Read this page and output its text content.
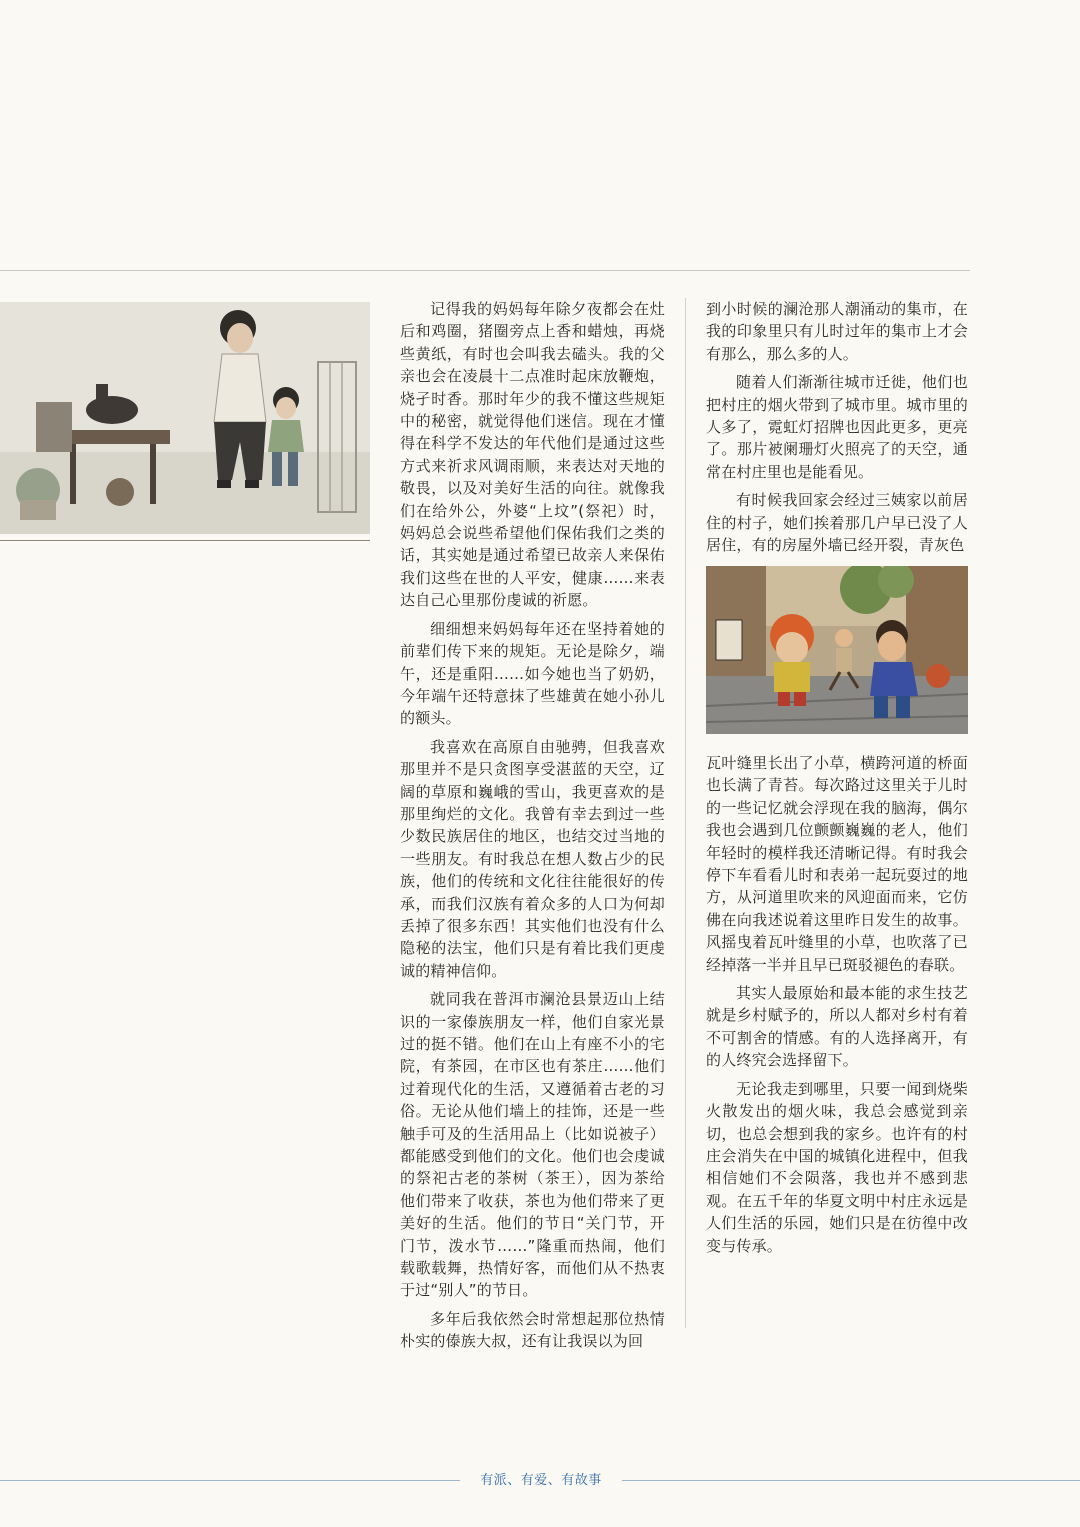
记得我的妈妈每年除夕夜都会在灶后和鸡圈，猪圈旁点上香和蜡烛，再烧些黄纸，有时也会叫我去磕头。我的父亲也会在凌晨十二点准时起床放鞭炮，烧孑时香。那时年少的我不懂这些规矩中的秘密，就觉得他们迷信。现在才懂得在科学不发达的年代他们是通过这些方式来祈求风调雨顺，来表达对天地的敬畏，以及对美好生活的向往。就像我们在给外公，外婆“上坟”(祭祀）时，妈妈总会说些希望他们保佑我们之类的话，其实她是通过希望已故亲人来保佑我们这些在世的人平安，健康……来表达自己心里那份虔诚的祈愿。

细细想来妈妈每年还在坚持着她的前辈们传下来的规矩。无论是除夕，端午，还是重阳……如今她也当了奶奶，今年端午还特意抹了些雄黄在她小孙儿的额头。

我喜欢在高原自由驰骋，但我喜欢那里并不是只贪图享受湛蓝的天空，辽阔的草原和巍峨的雪山，我更喜欢的是那里绚烂的文化。我曾有幸去到过一些少数民族居住的地区，也结交过当地的一些朋友。有时我总在想人数占少的民族，他们的传统和文化往往能很好的传承，而我们汉族有着众多的人口为何却丢掉了很多东西！其实他们也没有什么隐秘的法宝，他们只是有着比我们更虔诚的精神信仰。

就同我在普洱市澜沧县景迈山上结识的一家傣族朋友一样，他们自家光景过的挺不错。他们在山上有座不小的宅院，有茶园，在市区也有茶庄……他们过着现代化的生活，又遵循着古老的习俗。无论从他们墙上的挂饰，还是一些触手可及的生活用品上（比如说被子）都能感受到他们的文化。他们也会虔诚的祭祀古老的茶树（茶王），因为茶给他们带来了收获，茶也为他们带来了更美好的生活。他们的节日“关门节，开门节，泼水节……”隆重而热闹，他们载歌载舞，热情好客，而他们从不热衷于过“别人”的节日。

多年后我依然会时常想起那位热情朴实的傣族大叔，还有让我误以为回

到小时候的澜沧那人潮涌动的集市，在我的印象里只有儿时过年的集市上才会有那么，那么多的人。

随着人们渐渐往城市迁徙，他们也把村庄的烟火带到了城市里。城市里的人多了，霓虹灯招牌也因此更多，更亮了。那片被阑珊灯火照亮了的天空，通常在村庄里也是能看见。

有时候我回家会经过三姨家以前居住的村子，她们挨着那几户早已没了人居住，有的房屋外墙已经开裂，青灰色

瓦叶缝里长出了小草，横跨河道的桥面也长满了青苔。每次路过这里关于儿时的一些记忆就会浮现在我的脑海，偶尔我也会遇到几位颤颤巍巍的老人，他们年轻时的模样我还清晰记得。有时我会停下车看看儿时和表弟一起玩耍过的地方，从河道里吹来的风迎面而来，它仿佛在向我述说着这里昨日发生的故事。风摇曳着瓦叶缝里的小草，也吹落了已经掉落一半并且早已斑驳褪色的春联。

其实人最原始和最本能的求生技艺就是乡村赋予的，所以人都对乡村有着不可割舍的情感。有的人选择离开，有的人终究会选择留下。

无论我走到哪里，只要一闻到烧柴火散发出的烟火味，我总会感觉到亲切，也总会想到我的家乡。也许有的村庄会消失在中国的城镇化进程中，但我相信她们不会陨落，我也并不感到悲观。在五千年的华夏文明中村庄永远是人们生活的乐园，她们只是在彷徨中改变与传承。

有派、有爱、有故事
